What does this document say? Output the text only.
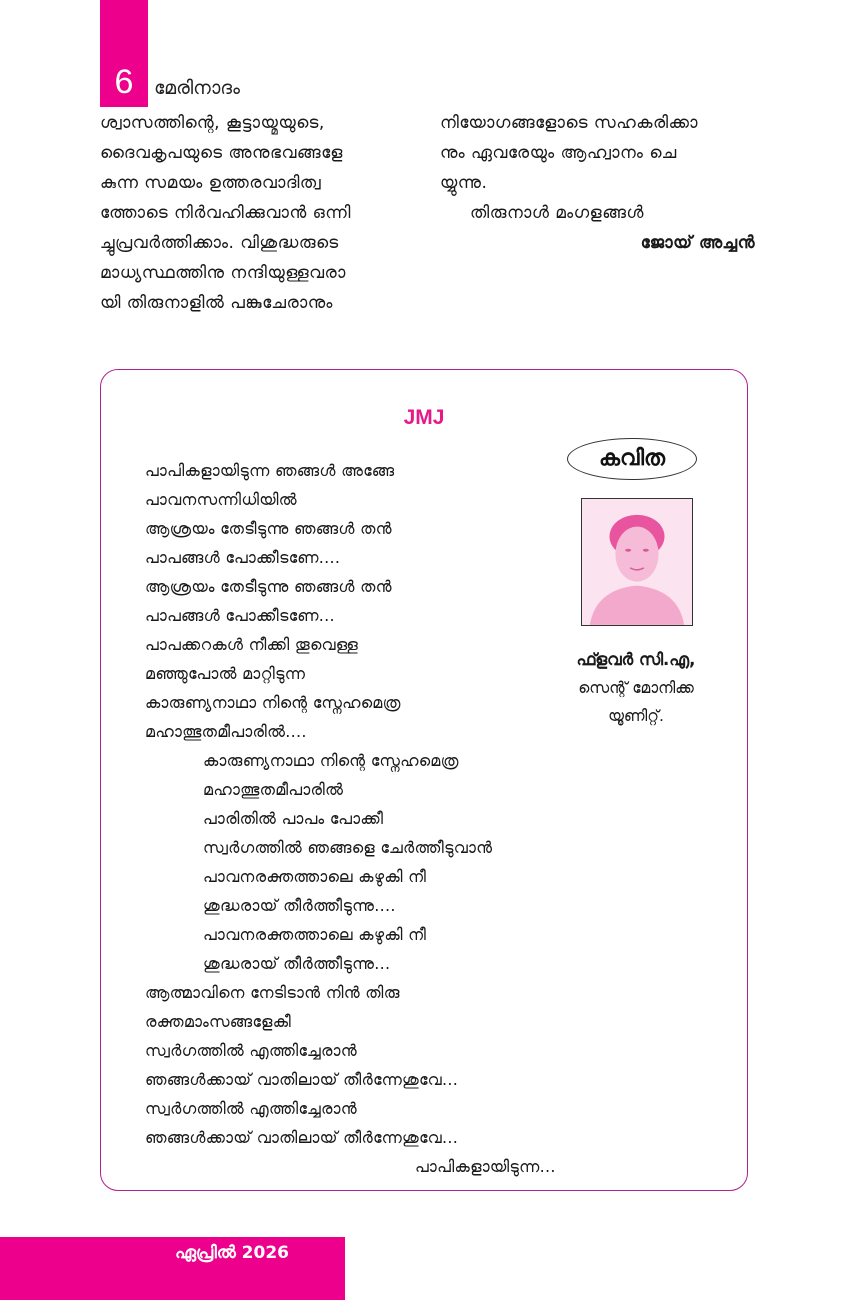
6	മേരിനാദം

ശ്വാസത്തിന്റെ, കൂട്ടായ്മയുടെ,

ദൈവകൃപയുടെ അനുഭവങ്ങളേ

കുന്ന സമയം ഉത്തരവാദിത്വ

ത്തോടെ നിർവഹിക്കുവാൻ ഒന്നി

ച്ചുപ്രവർത്തിക്കാം. വിശുദ്ധരുടെ

മാധ്യസ്ഥത്തിനു നന്ദിയുള്ളവരാ

യി തിരുനാളിൽ പങ്കുചേരാനും

നിയോഗങ്ങളോടെ സഹകരിക്കാ

നും ഏവരേയും ആഹ്വാനം ചെ

യ്യുന്നു.

തിരുനാൾ മംഗളങ്ങൾ

ജോയ് അച്ചൻ

JMJ
കവിത
ഫ്ളവർ സി.എ,
സെന്റ് മോനിക്ക
യൂണിറ്റ്.
പാപികളായിടുന്ന ഞങ്ങൾ അങ്ങേ
പാവനസന്നിധിയിൽ
ആശ്രയം തേടീടുന്നു ഞങ്ങൾ തൻ
പാപങ്ങൾ പോക്കീടണേ....
ആശ്രയം തേടീടുന്നു ഞങ്ങൾ തൻ
പാപങ്ങൾ പോക്കീടണേ...
പാപക്കറകൾ നീക്കി തൂവെള്ള
മഞ്ഞുപോൽ മാറ്റിടുന്ന
കാരുണ്യനാഥാ നിന്റെ സ്നേഹമെത്ര
മഹാത്ഭുതമീപാരിൽ....
കാരുണ്യനാഥാ നിന്റെ സ്നേഹമെത്ര
മഹാത്ഭുതമീപാരിൽ
പാരിതിൽ പാപം പോക്കീ
സ്വർഗത്തിൽ ഞങ്ങളെ ചേർത്തീടുവാൻ
പാവനരക്തത്താലെ കഴുകി നീ
ശുദ്ധരായ് തീർത്തീടുന്നു....
പാവനരക്തത്താലെ കഴുകി നീ
ശുദ്ധരായ് തീർത്തീടുന്നു...
ആത്മാവിനെ നേടിടാൻ നിൻ തിരു
രക്തമാംസങ്ങളേകീ
സ്വർഗത്തിൽ എത്തിച്ചേരാൻ
ഞങ്ങൾക്കായ് വാതിലായ് തീർന്നേശുവേ...
സ്വർഗത്തിൽ എത്തിച്ചേരാൻ
ഞങ്ങൾക്കായ് വാതിലായ് തീർന്നേശുവേ...
പാപികളായിടുന്ന...
ഏപ്രിൽ 2026
